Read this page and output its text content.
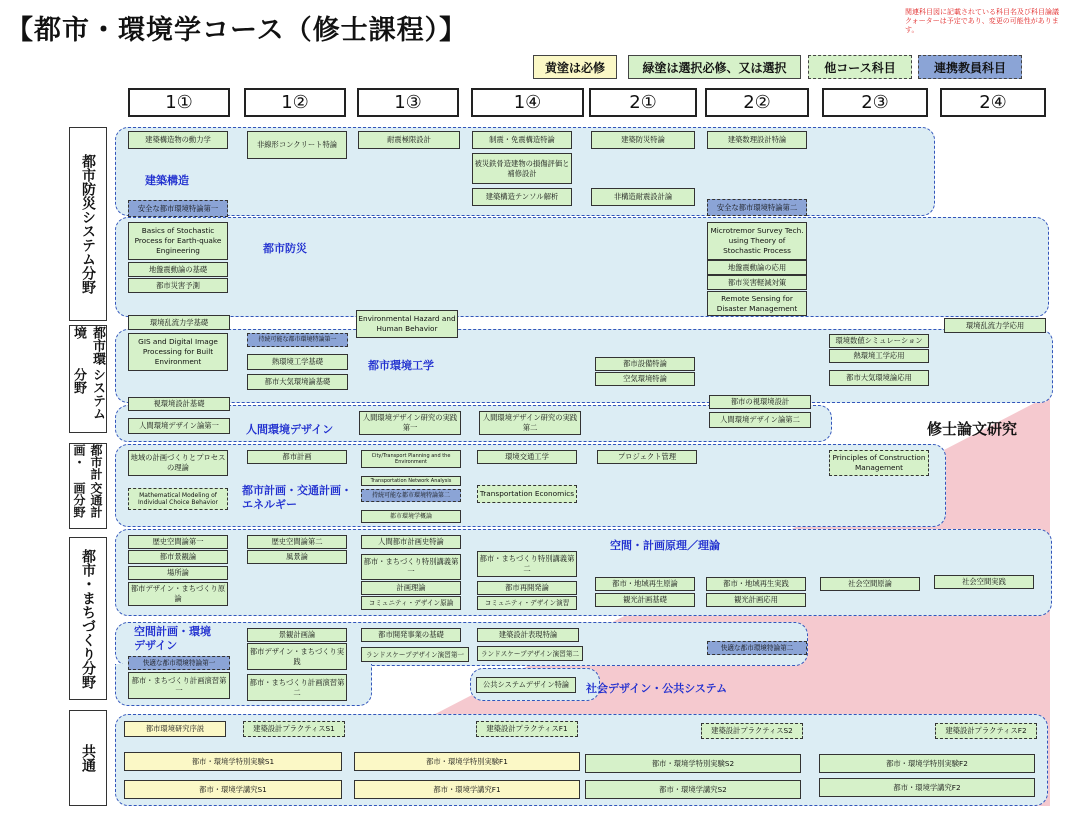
【都市・環境学コース（修士課程）】
関連科目図に記載されている科目名及び科目論議クォーターは予定であり、変更の可能性があります。
黄塗は必修	緑塗は選択必修、又は選択	他コース科目	連携教員科目
1①	1②	1③	1④	2①	2②	2③	2④
都市防災システム分野
都市環境
システム分野
都市計画・
交通計画分野
都市・まちづくり分野
共通
建築構造
都市防災
都市環境工学
人間環境デザイン
都市計画・交通計画・エネルギー
空間・計画原理／理論
空間計画・環境デザイン
社会デザイン・公共システム
修士論文研究
建築構造物の動力学
非線形コンクリート特論
耐震極限設計	制震・免震構造特論	建築防災特論	建築数理設計特論
被災鉄骨造建物の損傷評価と補修設計
建築構造テンソル解析	非構造耐震設計論
安全な都市環境特論第一	安全な都市環境特論第二
Basics of Stochastic Process for Earth-quake Engineering
地盤震動論の基礎
都市災害予測
Microtremor Survey Tech. using Theory of Stochastic Process
地盤震動論の応用
都市災害軽減対策
Remote Sensing for Disaster Management
環境乱流力学基礎	Environmental Hazard and Human Behavior	環境乱流力学応用
GIS and Digital Image Processing for Built Environment
持続可能な都市環境特論第一
熱環境工学基礎
都市大気環境論基礎
都市設備特論
空気環境特論
環境数値シミュレーション
熱環境工学応用
都市大気環境論応用
視環境設計基礎
人間環境デザイン論第一
人間環境デザイン研究の実践第一
人間環境デザイン研究の実践第二
都市の視環境設計
人間環境デザイン論第二
地域の計画づくりとプロセスの理論
都市計画	City/Transport Planning and the Environment
Transportation Network Analysis
持続可能な都市環境特論第二
都市環境学概論
環境交通工学	プロジェクト管理	Principles of Construction Management
Mathematical Modeling of Individual Choice Behavior
Transportation Economics
歴史空間論第一
都市景観論
場所論
都市デザイン・まちづくり原論
歴史空間論第二
風景論
人間都市計画史特論
都市・まちづくり特別講義第一
計画理論
コミュニティ・デザイン原論
都市・まちづくり特別講義第二
都市再開発論
コミュニティ・デザイン演習
都市・地域再生原論
観光計画基礎
都市・地域再生実践
観光計画応用
社会空間原論	社会空間実践
景観計画論
都市デザイン・まちづくり実践
都市・まちづくり計画演習第二
都市開発事業の基礎
ランドスケープデザイン演習第一
建築設計表現特論
ランドスケープデザイン演習第二
快適な都市環境特論第一
都市・まちづくり計画演習第一
快適な都市環境特論第二
公共システムデザイン特論
都市環境研究序説	建築設計プラクティスS1	建築設計プラクティスF1	建築設計プラクティスS2	建築設計プラクティスF2
都市・環境学特別実験S1	都市・環境学特別実験F1	都市・環境学特別実験S2	都市・環境学特別実験F2
都市・環境学講究S1	都市・環境学講究F1	都市・環境学講究S2	都市・環境学講究F2
